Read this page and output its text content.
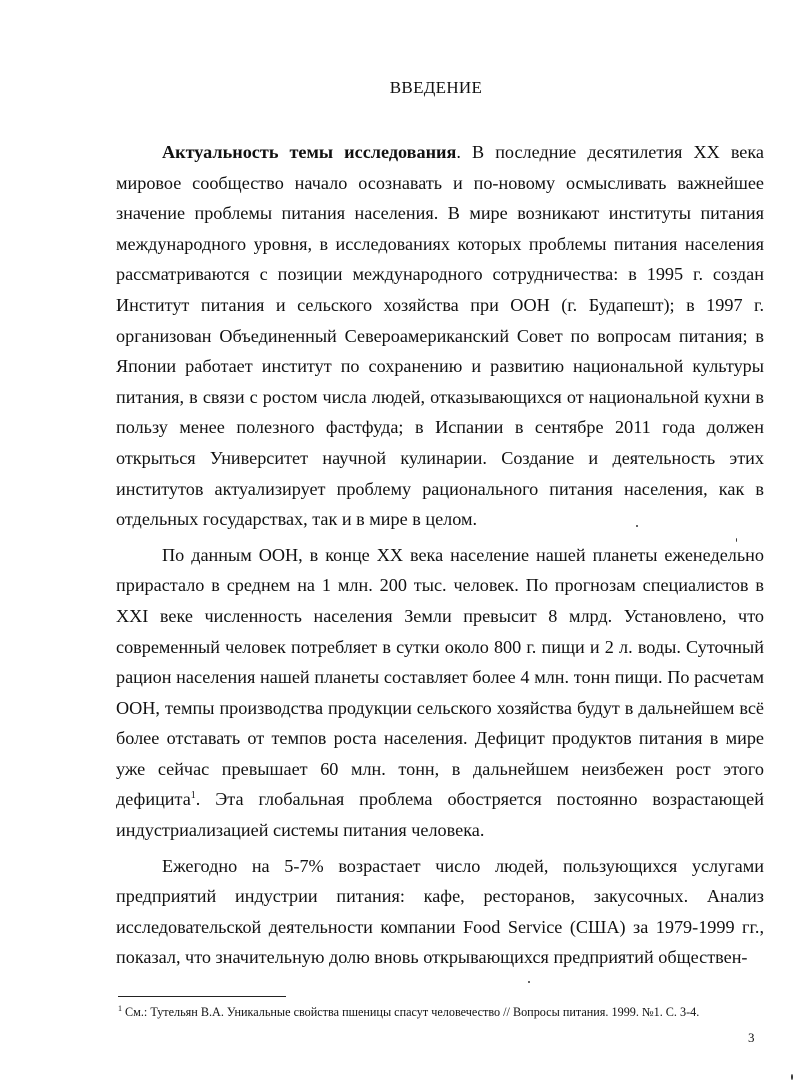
ВВЕДЕНИЕ

Актуальность темы исследования. В последние десятилетия XX века мировое сообщество начало осознавать и по-новому осмысливать важнейшее значение проблемы питания населения. В мире возникают институты питания международного уровня, в исследованиях которых проблемы питания населения рассматриваются с позиции международного сотрудничества: в 1995 г. создан Институт питания и сельского хозяйства при ООН (г. Будапешт); в 1997 г. организован Объединенный Североамериканский Совет по вопросам питания; в Японии работает институт по сохранению и развитию национальной культуры питания, в связи с ростом числа людей, отказывающихся от национальной кухни в пользу менее полезного фастфуда; в Испании в сентябре 2011 года должен открыться Университет научной кулинарии. Создание и деятельность этих институтов актуализирует проблему рационального питания населения, как в отдельных государствах, так и в мире в целом.

По данным ООН, в конце XX века население нашей планеты еженедельно прирастало в среднем на 1 млн. 200 тыс. человек. По прогнозам специалистов в XXI веке численность населения Земли превысит 8 млрд. Установлено, что современный человек потребляет в сутки около 800 г. пищи и 2 л. воды. Суточный рацион населения нашей планеты составляет более 4 млн. тонн пищи. По расчетам ООН, темпы производства продукции сельского хозяйства будут в дальнейшем всё более отставать от темпов роста населения. Дефицит продуктов питания в мире уже сейчас превышает 60 млн. тонн, в дальнейшем неизбежен рост этого дефицита$^1$. Эта глобальная проблема обостряется постоянно возрастающей индустриализацией системы питания человека.

Ежегодно на 5-7% возрастает число людей, пользующихся услугами предприятий индустрии питания: кафе, ресторанов, закусочных. Анализ исследовательской деятельности компании Food Service (США) за 1979-1999 гг., показал, что значительную долю вновь открывающихся предприятий обществен-

$^1$ См.: Тутельян В.А. Уникальные свойства пшеницы спасут человечество // Вопросы питания. 1999. №1. С. 3-4.
3
